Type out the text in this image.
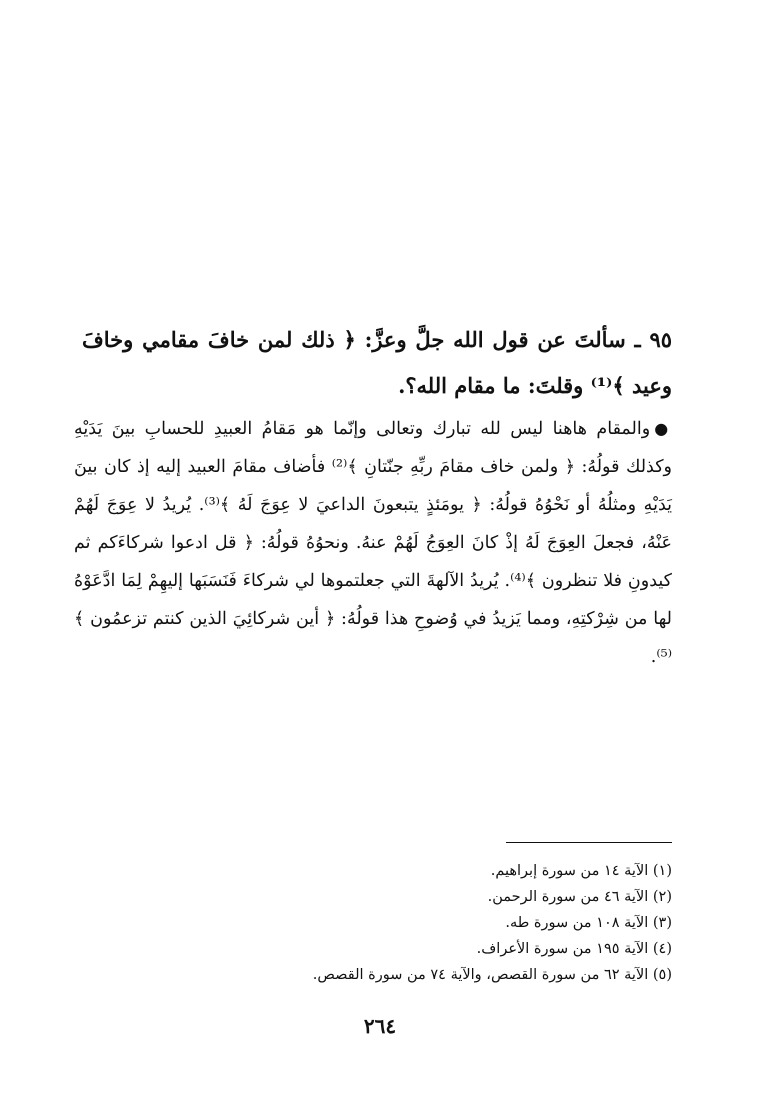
٩٥ ـ سألتَ عن قول الله جلَّ وعزَّ: ﴿ ذلك لمن خافَ مقامي وخافَ وعيد ﴾⁽¹⁾ وقلتَ: ما مقام الله؟.

●والمقام هاهنا ليس لله تبارك وتعالى وإنّما هو مَقامُ العبيدِ للحسابِ بينَ يَدَيْهِ وكذلك قولُهُ: ﴿ ولمن خاف مقامَ ربِّهِ جنّتانِ ﴾⁽²⁾ فأضاف مقامَ العبيد إليه إذ كان بينَ يَدَيْهِ ومثلُهُ أو نَحْوُهُ قولُهُ: ﴿ يومَئذٍ يتبعونَ الداعيَ لا عِوَجَ لَهُ ﴾⁽³⁾. يُريدُ لا عِوَجَ لَهُمْ عَنْهُ، فجعلَ العِوَجَ لَهُ إذْ كانَ العِوَجُ لَهُمْ عنهُ. ونحوُهُ قولُهُ: ﴿ قل ادعوا شركاءَكم ثم كيدونِ فلا تنظرون ﴾⁽⁴⁾. يُريدُ الآلهةَ التي جعلتموها لي شركاءَ فَنَسَبَها إليهِمْ لِمَا ادَّعَوْهُ لها من شِرْكتِهِ، ومما يَزيدُ في وُضوحِ هذا قولُهُ: ﴿ أين شركائِيَ الذين كنتم تزعمُون ﴾⁽⁵⁾.

(١) الآية ١٤ من سورة إبراهيم.
(٢) الآية ٤٦ من سورة الرحمن.
(٣) الآية ١٠٨ من سورة طه.
(٤) الآية ١٩٥ من سورة الأعراف.
(٥) الآية ٦٢ من سورة القصص، والآية ٧٤ من سورة القصص.
٢٦٤
